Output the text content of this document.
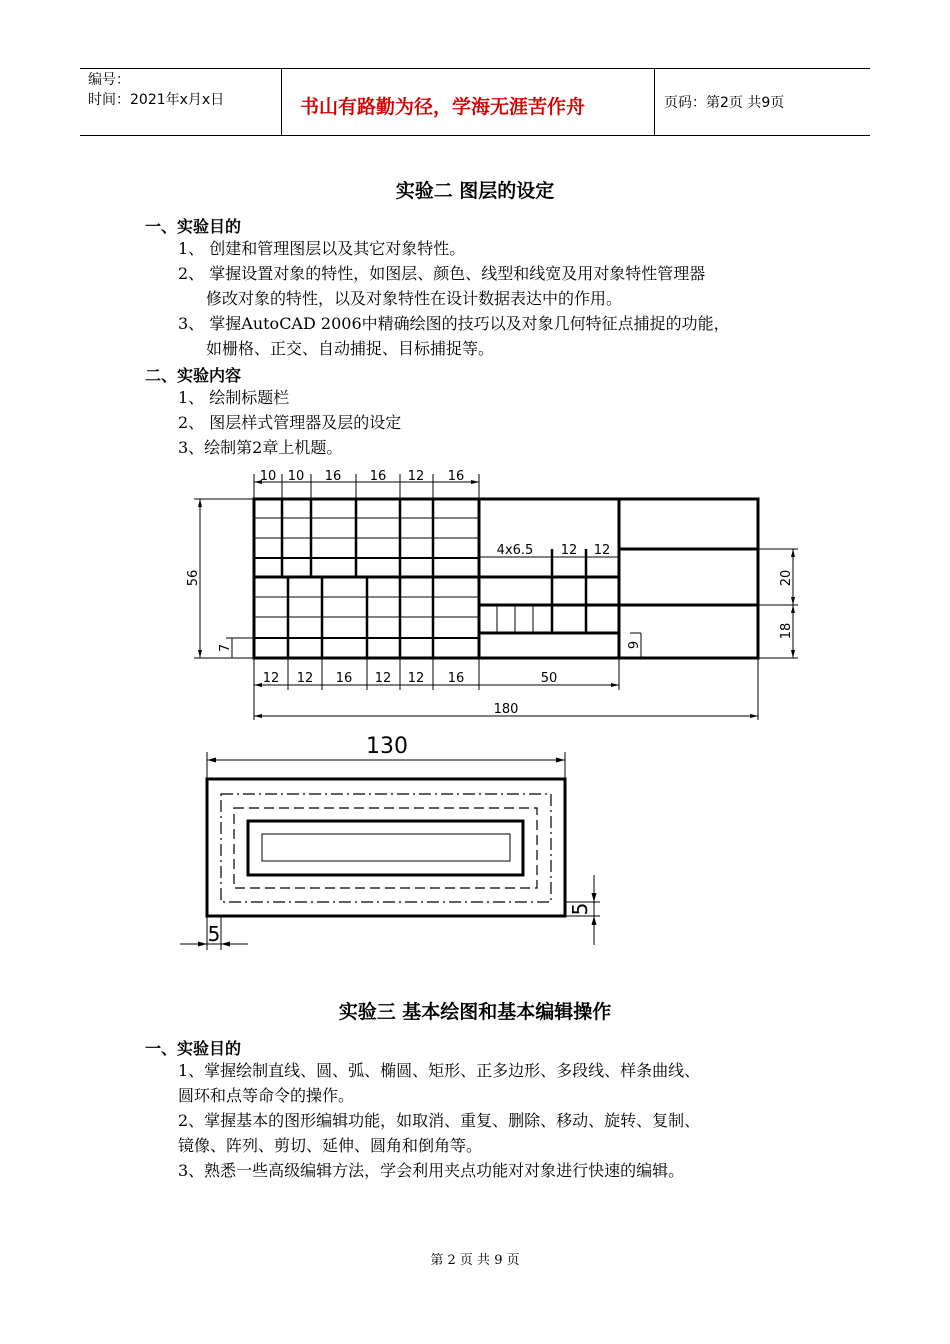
编号：
时间：2021年x月x日	书山有路勤为径，学海无涯苦作舟	页码：第2页 共9页
实验二 图层的设定
一、实验目的
1、 创建和管理图层以及其它对象特性。
2、 掌握设置对象的特性，如图层、颜色、线型和线宽及用对象特性管理器
修改对象的特性，以及对象特性在设计数据表达中的作用。
3、 掌握AutoCAD 2006中精确绘图的技巧以及对象几何特征点捕捉的功能，
如栅格、正交、自动捕捉、目标捕捉等。
二、实验内容
1、 绘制标题栏
2、 图层样式管理器及层的设定
3、绘制第2章上机题。
10 10 16 16 12 16
12 12 16 12 12 16	50
180
4x6.5 12 12
56
7
20
18
9
130
5
5
实验三 基本绘图和基本编辑操作
一、实验目的
1、掌握绘制直线、圆、弧、椭圆、矩形、正多边形、多段线、样条曲线、
圆环和点等命令的操作。
2、掌握基本的图形编辑功能，如取消、重复、删除、移动、旋转、复制、
镜像、阵列、剪切、延伸、圆角和倒角等。
3、熟悉一些高级编辑方法，学会利用夹点功能对对象进行快速的编辑。
第 2 页 共 9 页
